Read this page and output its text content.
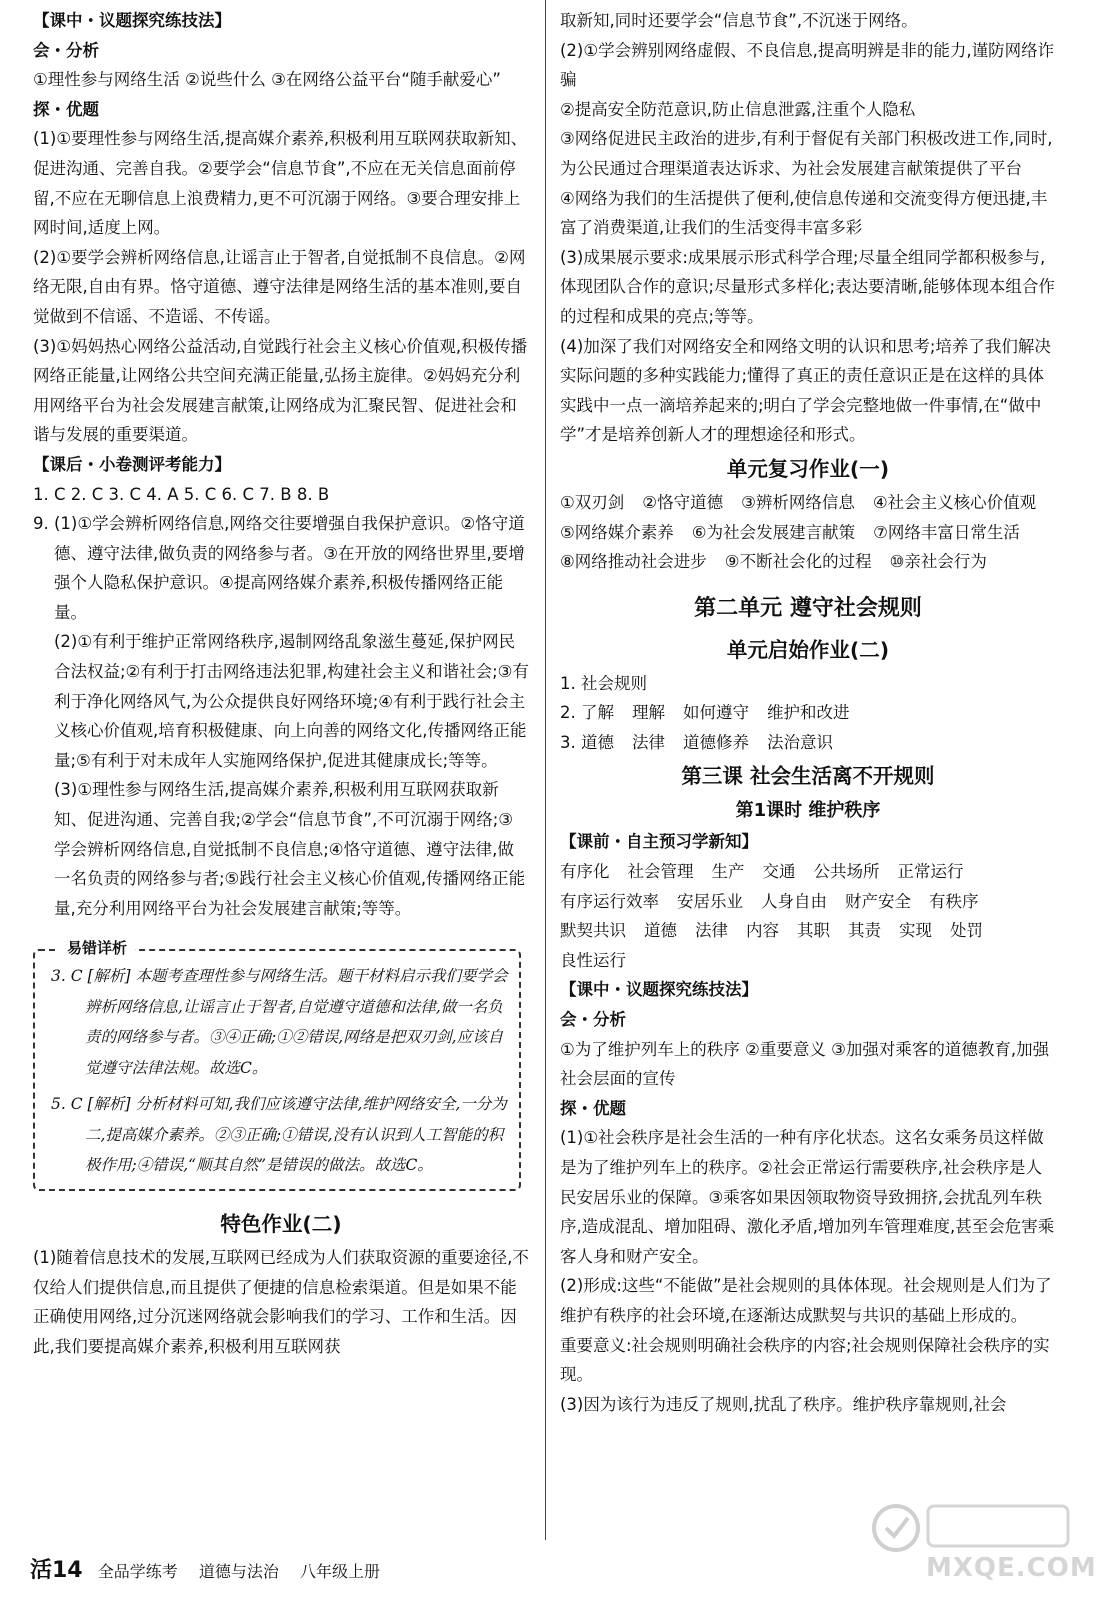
【课中・议题探究练技法】

会・分析

①理性参与网络生活 ②说些什么 ③在网络公益平台“随手献爱心”

探・优题

(1)①要理性参与网络生活,提高媒介素养,积极利用互联网获取新知、促进沟通、完善自我。②要学会“信息节食”,不应在无关信息面前停留,不应在无聊信息上浪费精力,更不可沉溺于网络。③要合理安排上网时间,适度上网。

(2)①要学会辨析网络信息,让谣言止于智者,自觉抵制不良信息。②网络无限,自由有界。恪守道德、遵守法律是网络生活的基本准则,要自觉做到不信谣、不造谣、不传谣。

(3)①妈妈热心网络公益活动,自觉践行社会主义核心价值观,积极传播网络正能量,让网络公共空间充满正能量,弘扬主旋律。②妈妈充分利用网络平台为社会发展建言献策,让网络成为汇聚民智、促进社会和谐与发展的重要渠道。

【课后・小卷测评考能力】

1. C 2. C 3. C 4. A 5. C 6. C 7. B 8. B

9. (1)①学会辨析网络信息,网络交往要增强自我保护意识。②恪守道德、遵守法律,做负责的网络参与者。③在开放的网络世界里,要增强个人隐私保护意识。④提高网络媒介素养,积极传播网络正能量。

(2)①有利于维护正常网络秩序,遏制网络乱象滋生蔓延,保护网民合法权益;②有利于打击网络违法犯罪,构建社会主义和谐社会;③有利于净化网络风气,为公众提供良好网络环境;④有利于践行社会主义核心价值观,培育积极健康、向上向善的网络文化,传播网络正能量;⑤有利于对未成年人实施网络保护,促进其健康成长;等等。

(3)①理性参与网络生活,提高媒介素养,积极利用互联网获取新知、促进沟通、完善自我;②学会“信息节食”,不可沉溺于网络;③学会辨析网络信息,自觉抵制不良信息;④恪守道德、遵守法律,做一名负责的网络参与者;⑤践行社会主义核心价值观,传播网络正能量,充分利用网络平台为社会发展建言献策;等等。

易错详析

3. C [解析] 本题考查理性参与网络生活。题干材料启示我们要学会辨析网络信息,让谣言止于智者,自觉遵守道德和法律,做一名负责的网络参与者。③④正确;①②错误,网络是把双刃剑,应该自觉遵守法律法规。故选C。

5. C [解析] 分析材料可知,我们应该遵守法律,维护网络安全,一分为二,提高媒介素养。②③正确;①错误,没有认识到人工智能的积极作用;④错误,“顺其自然”是错误的做法。故选C。

特色作业(二)

(1)随着信息技术的发展,互联网已经成为人们获取资源的重要途径,不仅给人们提供信息,而且提供了便捷的信息检索渠道。但是如果不能正确使用网络,过分沉迷网络就会影响我们的学习、工作和生活。因此,我们要提高媒介素养,积极利用互联网获

取新知,同时还要学会“信息节食”,不沉迷于网络。

(2)①学会辨别网络虚假、不良信息,提高明辨是非的能力,谨防网络诈骗

②提高安全防范意识,防止信息泄露,注重个人隐私

③网络促进民主政治的进步,有利于督促有关部门积极改进工作,同时,为公民通过合理渠道表达诉求、为社会发展建言献策提供了平台

④网络为我们的生活提供了便利,使信息传递和交流变得方便迅捷,丰富了消费渠道,让我们的生活变得丰富多彩

(3)成果展示要求:成果展示形式科学合理;尽量全组同学都积极参与,体现团队合作的意识;尽量形式多样化;表达要清晰,能够体现本组合作的过程和成果的亮点;等等。

(4)加深了我们对网络安全和网络文明的认识和思考;培养了我们解决实际问题的多种实践能力;懂得了真正的责任意识正是在这样的具体实践中一点一滴培养起来的;明白了学会完整地做一件事情,在“做中学”才是培养创新人才的理想途径和形式。

单元复习作业(一)

①双刃剑 ②恪守道德 ③辨析网络信息 ④社会主义核心价值观⑤网络媒介素养 ⑥为社会发展建言献策 ⑦网络丰富日常生活⑧网络推动社会进步 ⑨不断社会化的过程 ⑩亲社会行为

第二单元 遵守社会规则

单元启始作业(二)

1. 社会规则

2. 了解 理解 如何遵守 维护和改进

3. 道德 法律 道德修养 法治意识

第三课 社会生活离不开规则

第1课时 维护秩序

【课前・自主预习学新知】

有序化 社会管理 生产 交通 公共场所 正常运行有序运行效率 安居乐业 人身自由 财产安全 有秩序默契共识 道德 法律 内容 其职 其责 实现 处罚良性运行

【课中・议题探究练技法】

会・分析

①为了维护列车上的秩序 ②重要意义 ③加强对乘客的道德教育,加强社会层面的宣传

探・优题

(1)①社会秩序是社会生活的一种有序化状态。这名女乘务员这样做是为了维护列车上的秩序。②社会正常运行需要秩序,社会秩序是人民安居乐业的保障。③乘客如果因领取物资导致拥挤,会扰乱列车秩序,造成混乱、增加阻碍、激化矛盾,增加列车管理难度,甚至会危害乘客人身和财产安全。

(2)形成:这些“不能做”是社会规则的具体体现。社会规则是人们为了维护有秩序的社会环境,在逐渐达成默契与共识的基础上形成的。

重要意义:社会规则明确社会秩序的内容;社会规则保障社会秩序的实现。

(3)因为该行为违反了规则,扰乱了秩序。维护秩序靠规则,社会

活14 全品学练考 道德与法治 八年级上册	MXQE.COM
